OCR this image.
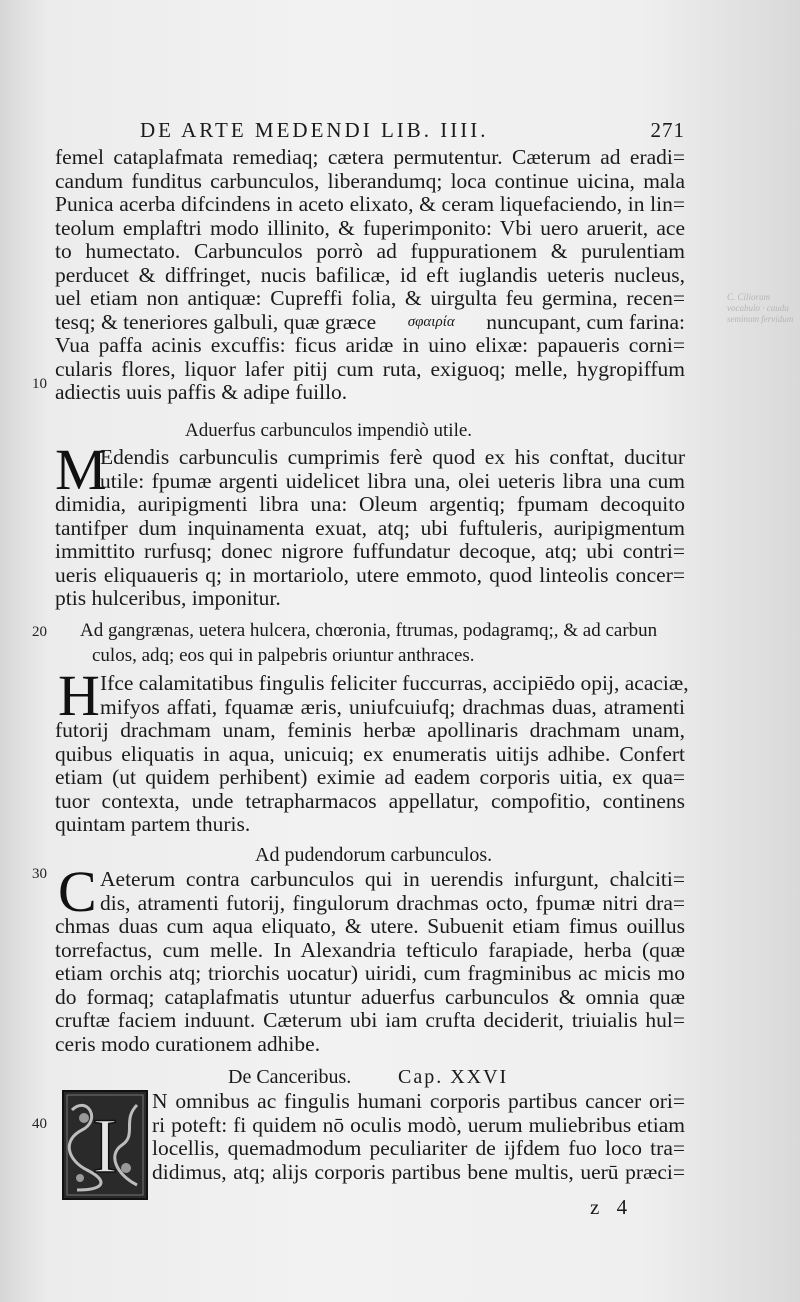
DE ARTE MEDENDI LIB. IIII.	271
C. Ciliorum vocabulo · cauda seminum fervidum
femel cataplafmata remediaq; cætera permutentur. Cæterum ad eradi=
candum funditus carbunculos, liberandumq; loca continue uicina, mala
Punica acerba difcindens in aceto elixato, & ceram liquefaciendo, in lin=
teolum emplaftri modo illinito, & fuperimponito: Vbi uero aruerit, ace
to humectato. Carbunculos porrò ad fuppurationem & purulentiam
perducet & diffringet, nucis bafilicæ, id eft iuglandis ueteris nucleus,
uel etiam non antiquæ: Cupreffi folia, & uirgulta feu germina, recen=
tesq; & teneriores galbuli, quæ græce σφαιρία nuncupant, cum farina:
Vua paffa acinis excuffis: ficus aridæ in uino elixæ: papaueris corni=
cularis flores, liquor lafer pitij cum ruta, exiguoq; melle, hygropiffum
adiectis uuis paffis & adipe fuillo.
10
Aduerfus carbunculos impendiò utile.
M
Edendis carbunculis cumprimis ferè quod ex his conftat, ducitur
utile: fpumæ argenti uidelicet libra una, olei ueteris libra una cum
dimidia, auripigmenti libra una: Oleum argentiq; fpumam decoquito
tantifper dum inquinamenta exuat, atq; ubi fuftuleris, auripigmentum
immittito rurfusq; donec nigrore fuffundatur decoque, atq; ubi contri=
ueris eliquaueris q; in mortariolo, utere emmoto, quod linteolis concer=
ptis hulceribus, imponitur.
20 Ad gangrænas, uetera hulcera, chœronia, ftrumas, podagramq;, & ad carbun
culos, adq; eos qui in palpebris oriuntur anthraces.
H Ifce calamitatibus fingulis feliciter fuccurras, accipiēdo opij, acaciæ,
mifyos affati, fquamæ æris, uniufcuiufq; drachmas duas, atramenti
futorij drachmam unam, feminis herbæ apollinaris drachmam unam,
quibus eliquatis in aqua, unicuiq; ex enumeratis uitijs adhibe. Confert
etiam (ut quidem perhibent) eximie ad eadem corporis uitia, ex qua=
tuor contexta, unde tetrapharmacos appellatur, compofitio, continens
quintam partem thuris.
Ad pudendorum carbunculos.
30 C Aeterum contra carbunculos qui in uerendis infurgunt, chalciti=
dis, atramenti futorij, fingulorum drachmas octo, fpumæ nitri dra=
chmas duas cum aqua eliquato, & utere. Subuenit etiam fimus ouillus
torrefactus, cum melle. In Alexandria tefticulo farapiade, herba (quæ
etiam orchis atq; triorchis uocatur) uiridi, cum fragminibus ac micis mo
do formaq; cataplafmatis utuntur aduerfus carbunculos & omnia quæ
cruftæ faciem induunt. Cæterum ubi iam crufta deciderit, triuialis hul=
ceris modo curationem adhibe.
De Canceribus. Cap. XXVI
40 I
N omnibus ac fingulis humani corporis partibus cancer ori=
ri poteft: fi quidem nō oculis modò, uerum muliebribus etiam
locellis, quemadmodum peculiariter de ijfdem fuo loco tra=
didimus, atq; alijs corporis partibus bene multis, uerū præci=
z 4
